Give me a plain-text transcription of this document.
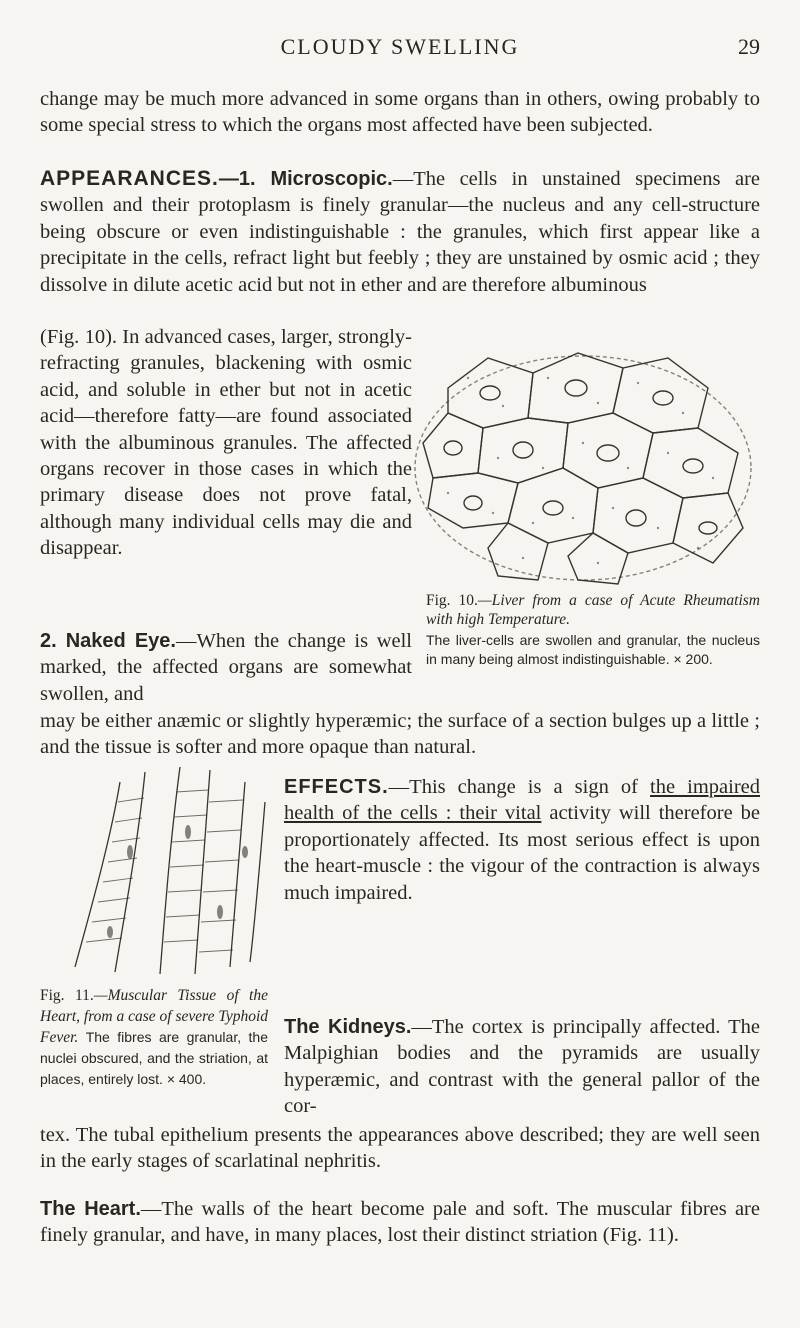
CLOUDY SWELLING	29

change may be much more advanced in some organs than in others, owing probably to some special stress to which the organs most affected have been subjected.

APPEARANCES.—1. Microscopic.—The cells in unstained specimens are swollen and their protoplasm is finely granular—the nucleus and any cell-structure being obscure or even indistinguishable : the granules, which first appear like a precipitate in the cells, refract light but feebly ; they are unstained by osmic acid ; they dissolve in dilute acetic acid but not in ether and are therefore albuminous

(Fig. 10). In advanced cases, larger, strongly-refracting granules, blackening with osmic acid, and soluble in ether but not in acetic acid—therefore fatty—are found associated with the albuminous granules. The affected organs recover in those cases in which the primary disease does not prove fatal, although many individual cells may die and disappear.

Fig. 10.—Liver from a case of Acute Rheumatism with high Temperature.
The liver-cells are swollen and granular, the nucleus in many being almost indistinguishable. × 200.

2. Naked Eye.—When the change is well marked, the affected organs are somewhat swollen, and

may be either anæmic or slightly hyperæmic; the surface of a section bulges up a little ; and the tissue is softer and more opaque than natural.

Fig. 11.—Muscular Tissue of the Heart, from a case of severe Typhoid Fever. The fibres are granular, the nuclei obscured, and the striation, at places, entirely lost. × 400.

EFFECTS.—This change is a sign of the impaired health of the cells : their vital activity will therefore be proportionately affected. Its most serious effect is upon the heart-muscle : the vigour of the contraction is always much impaired.

The Kidneys.—The cortex is principally affected. The Malpighian bodies and the pyramids are usually hyperæmic, and contrast with the general pallor of the cor-

tex. The tubal epithelium presents the appearances above described; they are well seen in the early stages of scarlatinal nephritis.

The Heart.—The walls of the heart become pale and soft. The muscular fibres are finely granular, and have, in many places, lost their distinct striation (Fig. 11).
